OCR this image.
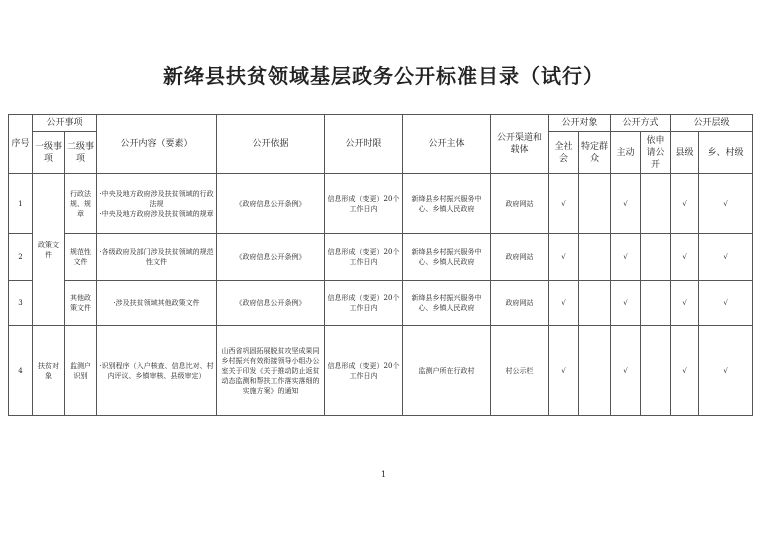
新绛县扶贫领域基层政务公开标准目录（试行）
序号	公开事项		公开内容（要素）	公开依据	公开时限	公开主体	公开渠道和载体	公开对象		公开方式		公开层级	
	一级事项	二级事项						全社会	特定群众	主动	依申请公开	县级	乡、村级
1	政策文件	行政法规、规章	·中央及地方政府涉及扶贫领域的行政法规
·中央及地方政府涉及扶贫领域的规章	《政府信息公开条例》	信息形成（变更）20个工作日内	新绛县乡村振兴服务中心、乡镇人民政府	政府网站	√		√		√	√
2		规范性文件	·各级政府及部门涉及扶贫领域的规范性文件	《政府信息公开条例》	信息形成（变更）20个工作日内	新绛县乡村振兴服务中心、乡镇人民政府	政府网站	√		√		√	√
3		其他政策文件	·涉及扶贫领域其他政策文件	《政府信息公开条例》	信息形成（变更）20个工作日内	新绛县乡村振兴服务中心、乡镇人民政府	政府网站	√		√		√	√
4	扶贫对象	监测户识别	·识别程序（入户核查、信息比对、村内评议、乡镇审核、县级审定）	山西省巩固拓展脱贫攻坚成果同乡村振兴有效衔接领导小组办公室关于印发《关于推动防止返贫动态监测和帮扶工作落实落细的实施方案》的通知	信息形成（变更）20个工作日内	监测户所在行政村	村公示栏	√		√		√	√
1
